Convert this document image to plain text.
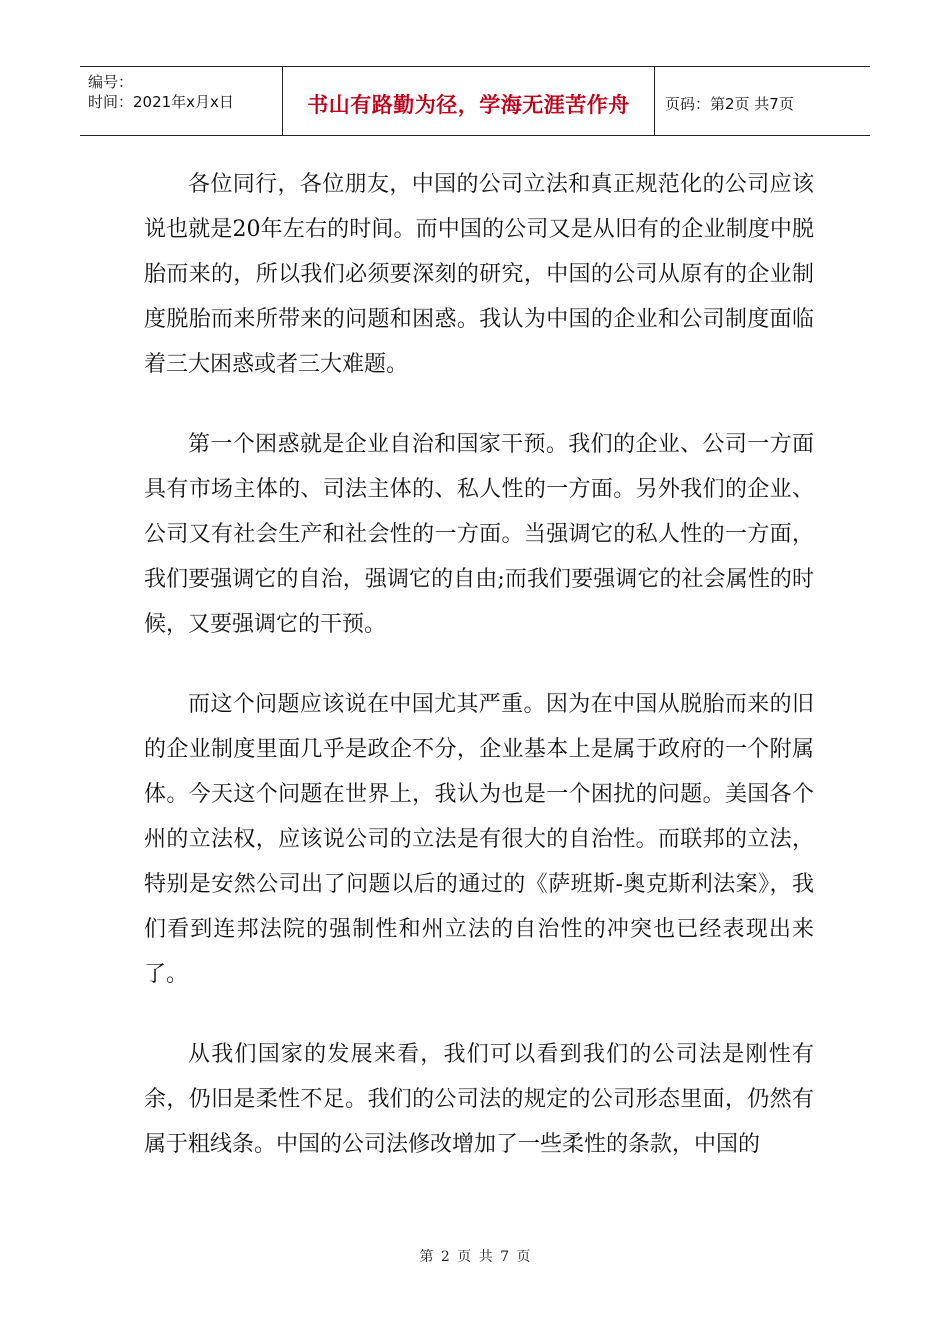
编号：
时间：2021年x月x日	书山有路勤为径，学海无涯苦作舟 页码：第2页 共7页

各位同行，各位朋友，中国的公司立法和真正规范化的公司应该说也就是20年左右的时间。而中国的公司又是从旧有的企业制度中脱胎而来的，所以我们必须要深刻的研究，中国的公司从原有的企业制度脱胎而来所带来的问题和困惑。我认为中国的企业和公司制度面临着三大困惑或者三大难题。

第一个困惑就是企业自治和国家干预。我们的企业、公司一方面具有市场主体的、司法主体的、私人性的一方面。另外我们的企业、公司又有社会生产和社会性的一方面。当强调它的私人性的一方面，我们要强调它的自治，强调它的自由;而我们要强调它的社会属性的时候，又要强调它的干预。

而这个问题应该说在中国尤其严重。因为在中国从脱胎而来的旧的企业制度里面几乎是政企不分，企业基本上是属于政府的一个附属体。今天这个问题在世界上，我认为也是一个困扰的问题。美国各个州的立法权，应该说公司的立法是有很大的自治性。而联邦的立法，特别是安然公司出了问题以后的通过的《萨班斯-奥克斯利法案》，我们看到连邦法院的强制性和州立法的自治性的冲突也已经表现出来了。

从我们国家的发展来看，我们可以看到我们的公司法是刚性有余，仍旧是柔性不足。我们的公司法的规定的公司形态里面，仍然有属于粗线条。中国的公司法修改增加了一些柔性的条款，中国的

第 2 页 共 7 页
